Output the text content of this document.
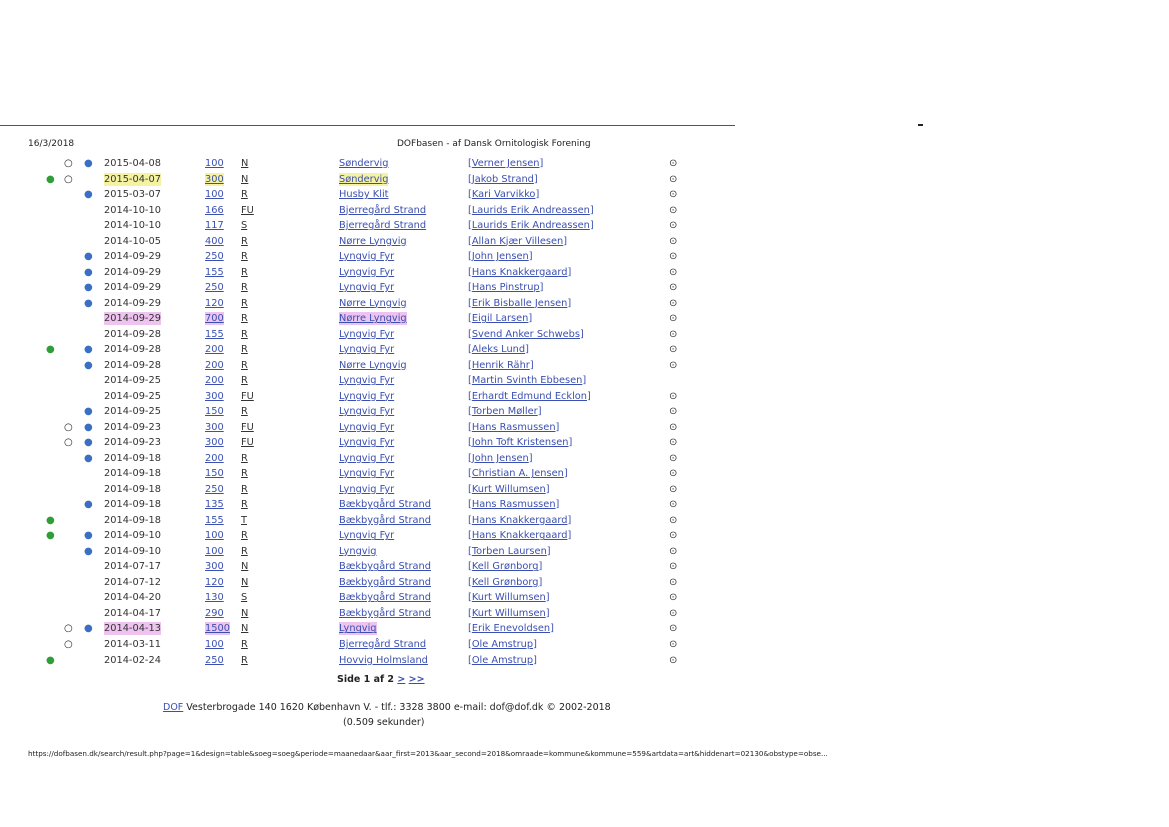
16/3/2018	DOFbasen - af Dansk Ornitologisk Forening
○	●	2015-04-08	100 N	Søndervig	[Verner Jensen]	⊙
● ○	2015-04-07	300 N	Søndervig	[Jakob Strand]	⊙
●	2015-03-07	100 R	Husby Klit	[Kari Varvikko]	⊙
2014-10-10	166 FU	Bjerregård Strand	[Laurids Erik Andreassen]	⊙
2014-10-10	117 S	Bjerregård Strand	[Laurids Erik Andreassen]	⊙
2014-10-05	400 R	Nørre Lyngvig	[Allan Kjær Villesen]	⊙
●	2014-09-29	250 R	Lyngvig Fyr	[John Jensen]	⊙
●	2014-09-29	155 R	Lyngvig Fyr	[Hans Knakkergaard]	⊙
●	2014-09-29	250 R	Lyngvig Fyr	[Hans Pinstrup]	⊙
●	2014-09-29	120 R	Nørre Lyngvig	[Erik Bisballe Jensen]	⊙
2014-09-29	700 R	Nørre Lyngvig	[Eigil Larsen]	⊙
2014-09-28	155 R	Lyngvig Fyr	[Svend Anker Schwebs]	⊙
●	●	2014-09-28	200 R	Lyngvig Fyr	[Aleks Lund]	⊙
●	2014-09-28	200 R	Nørre Lyngvig	[Henrik Rähr]	⊙
2014-09-25	200 R	Lyngvig Fyr	[Martin Svinth Ebbesen]
2014-09-25	300 FU	Lyngvig Fyr	[Erhardt Edmund Ecklon]	⊙
●	2014-09-25	150 R	Lyngvig Fyr	[Torben Møller]	⊙
○	●	2014-09-23	300 FU	Lyngvig Fyr	[Hans Rasmussen]	⊙
○	●	2014-09-23	300 FU	Lyngvig Fyr	[John Toft Kristensen]	⊙
●	2014-09-18	200 R	Lyngvig Fyr	[John Jensen]	⊙
2014-09-18	150 R	Lyngvig Fyr	[Christian A. Jensen]	⊙
2014-09-18	250 R	Lyngvig Fyr	[Kurt Willumsen]	⊙
●	2014-09-18	135 R	Bækbygård Strand	[Hans Rasmussen]	⊙
●	2014-09-18	155 T	Bækbygård Strand	[Hans Knakkergaard]	⊙
●	●	2014-09-10	100 R	Lyngvig Fyr	[Hans Knakkergaard]	⊙
●	2014-09-10	100 R	Lyngvig	[Torben Laursen]	⊙
2014-07-17	300 N	Bækbygård Strand	[Kell Grønborg]	⊙
2014-07-12	120 N	Bækbygård Strand	[Kell Grønborg]	⊙
2014-04-20	130 S	Bækbygård Strand	[Kurt Willumsen]	⊙
2014-04-17	290 N	Bækbygård Strand	[Kurt Willumsen]	⊙
○	●	2014-04-13	1500 N	Lyngvig	[Erik Enevoldsen]	⊙
○	2014-03-11	100 R	Bjerregård Strand	[Ole Amstrup]	⊙
●	2014-02-24	250 R	Hovvig Holmsland	[Ole Amstrup]	⊙
Side 1 af 2 > >>
DOF Vesterbrogade 140 1620 København V. - tlf.: 3328 3800 e-mail: dof@dof.dk © 2002-2018
(0.509 sekunder)
https://dofbasen.dk/search/result.php?page=1&design=table&soeg=soeg&periode=maanedaar&aar_first=2013&aar_second=2018&omraade=kommune&kommune=559&artdata=art&hiddenart=02130&obstype=obse...
